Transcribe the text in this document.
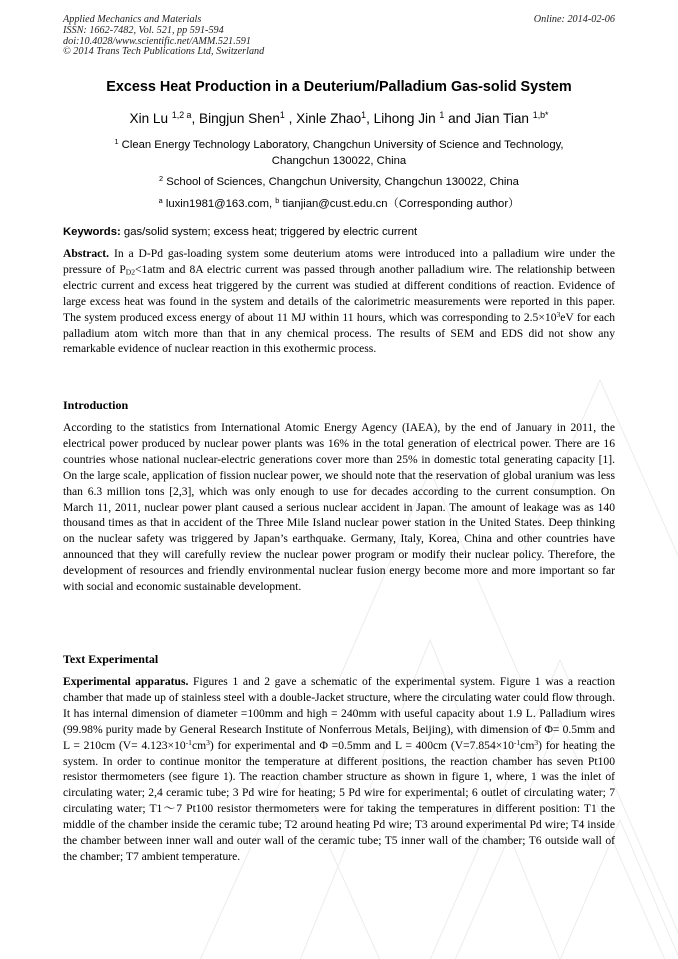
Applied Mechanics and Materials
ISSN: 1662-7482, Vol. 521, pp 591-594
doi:10.4028/www.scientific.net/AMM.521.591
© 2014 Trans Tech Publications Ltd, Switzerland
Online: 2014-02-06
Excess Heat Production in a Deuterium/Palladium Gas-solid System
Xin Lu $^{1,2 a}$, Bingjun Shen$^1$ , Xinle Zhao$^1$, Lihong Jin $^1$ and Jian Tian $^{1,b*}$
$^1$ Clean Energy Technology Laboratory, Changchun University of Science and Technology,
Changchun 130022, China
$^2$ School of Sciences, Changchun University, Changchun 130022, China
$^a$ luxin1981@163.com, $^b$ tianjian@cust.edu.cn（Corresponding author）
Keywords: gas/solid system; excess heat; triggered by electric current
Abstract. In a D-Pd gas-loading system some deuterium atoms were introduced into a palladium wire under the pressure of $P_{D2}<1atm$ and 8A electric current was passed through another palladium wire. The relationship between electric current and excess heat triggered by the current was studied at different conditions of reaction. Evidence of large excess heat was found in the system and details of the calorimetric measurements were reported in this paper. The system produced excess energy of about 11 MJ within 11 hours, which was corresponding to $2.5\times 10^3eV$ for each palladium atom witch more than that in any chemical process. The results of SEM and EDS did not show any remarkable evidence of nuclear reaction in this exothermic process.
Introduction
According to the statistics from International Atomic Energy Agency (IAEA), by the end of January in 2011, the electrical power produced by nuclear power plants was 16% in the total generation of electrical power. There are 16 countries whose national nuclear-electric generations cover more than 25% in domestic total generating capacity [1]. On the large scale, application of fission nuclear power, we should note that the reservation of global uranium was less than 6.3 million tons [2,3], which was only enough to use for decades according to the current consumption. On March 11, 2011, nuclear power plant caused a serious nuclear accident in Japan. The amount of leakage was as 140 thousand times as that in accident of the Three Mile Island nuclear power station in the United States. Deep thinking on the nuclear safety was triggered by Japan’s earthquake. Germany, Italy, Korea, China and other countries have announced that they will carefully review the nuclear power program or modify their nuclear policy. Therefore, the development of resources and friendly environmental nuclear fusion energy become more and more important so far with social and economic sustainable development.
Text Experimental
Experimental apparatus. Figures 1 and 2 gave a schematic of the experimental system. Figure 1 was a reaction chamber that made up of stainless steel with a double-Jacket structure, where the circulating water could flow through. It has internal dimension of diameter =100mm and high = 240mm with useful capacity about 1.9 L. Palladium wires (99.98% purity made by General Research Institute of Nonferrous Metals, Beijing), with dimension of Φ= 0.5mm and L = 210cm $(V= 4.123\times 10^{-1}cm^3)$ for experimental and Φ =0.5mm and L = 400cm $(V=7.854\times 10^{-1}cm^3)$ for heating the system. In order to continue monitor the temperature at different positions, the reaction chamber has seven Pt100 resistor thermometers (see figure 1). The reaction chamber structure as shown in figure 1, where, 1 was the inlet of circulating water; 2,4 ceramic tube; 3 Pd wire for heating; 5 Pd wire for experimental; 6 outlet of circulating water; 7 circulating water; T1～7 Pt100 resistor thermometers were for taking the temperatures in different position: T1 the middle of the chamber inside the ceramic tube; T2 around heating Pd wire; T3 around experimental Pd wire; T4 inside the chamber between inner wall and outer wall of the ceramic tube; T5 inner wall of the chamber; T6 outside wall of the chamber; T7 ambient temperature.
